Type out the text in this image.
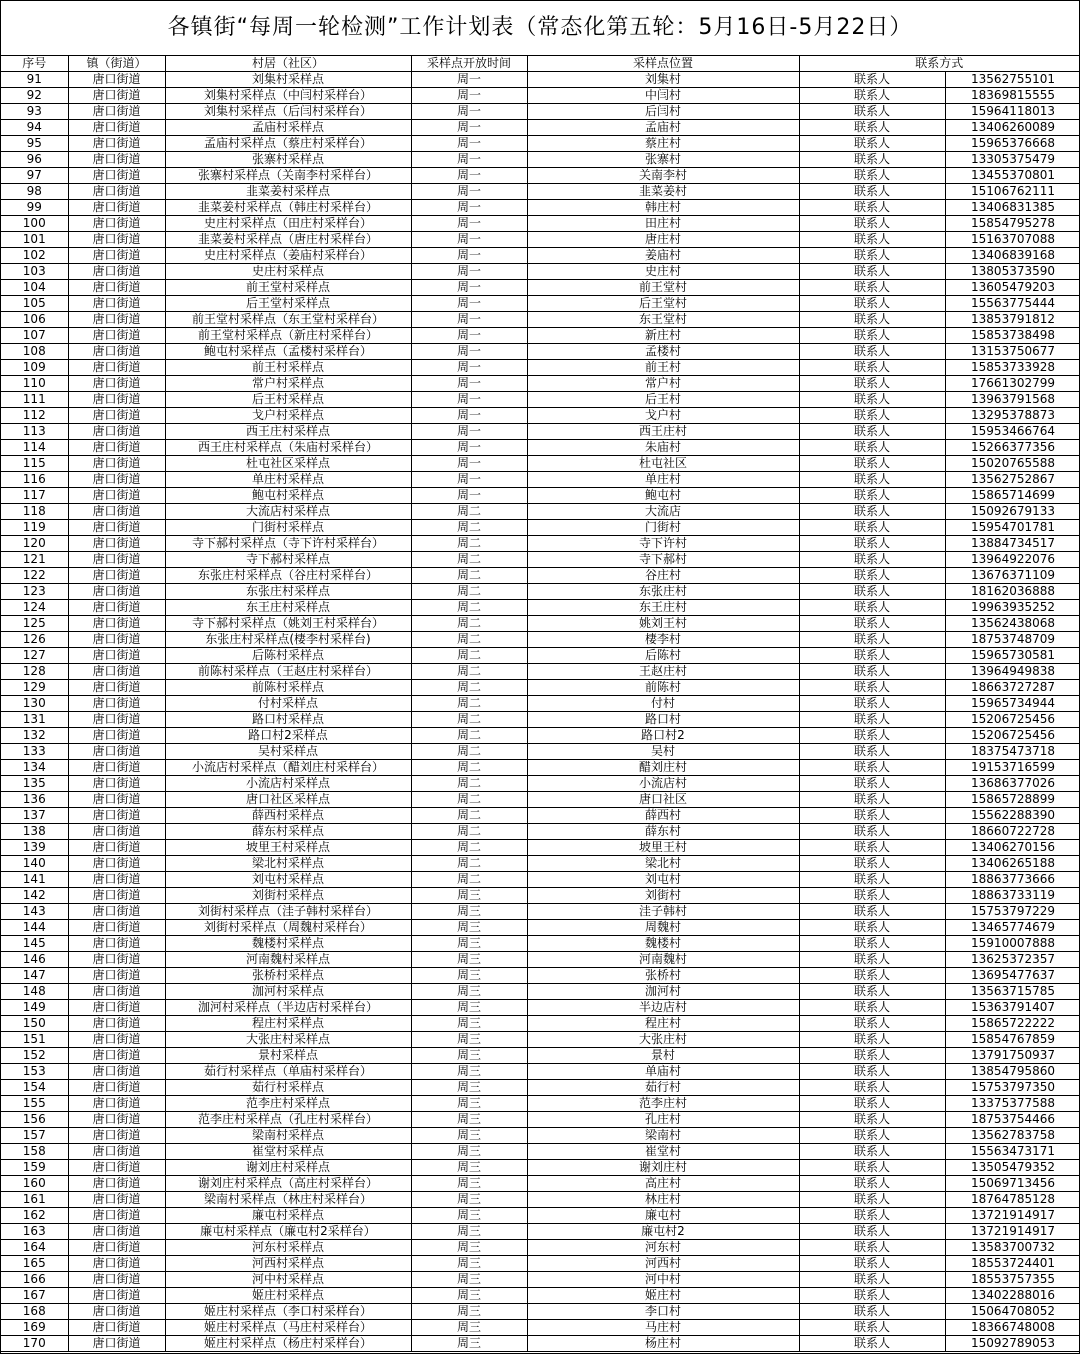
各镇街“每周一轮检测”工作计划表（常态化第五轮：5月16日-5月22日）
序号	镇（街道）	村居（社区）	采样点开放时间	采样点位置	联系方式	
91	唐口街道	刘集村采样点	周一	刘集村	联系人	13562755101
92	唐口街道	刘集村采样点（中闫村采样台）	周一	中闫村	联系人	18369815555
93	唐口街道	刘集村采样点（后闫村采样台）	周一	后闫村	联系人	15964118013
94	唐口街道	孟庙村采样点	周一	孟庙村	联系人	13406260089
95	唐口街道	孟庙村采样点（蔡庄村采样台）	周一	蔡庄村	联系人	15965376668
96	唐口街道	张寨村采样点	周一	张寨村	联系人	13305375479
97	唐口街道	张寨村采样点（关南李村采样台）	周一	关南李村	联系人	13455370801
98	唐口街道	韭菜姜村采样点	周一	韭菜姜村	联系人	15106762111
99	唐口街道	韭菜姜村采样点（韩庄村采样台）	周一	韩庄村	联系人	13406831385
100	唐口街道	史庄村采样点（田庄村采样台）	周一	田庄村	联系人	15854795278
101	唐口街道	韭菜姜村采样点（唐庄村采样台）	周一	唐庄村	联系人	15163707088
102	唐口街道	史庄村采样点（姜庙村采样台）	周一	姜庙村	联系人	13406839168
103	唐口街道	史庄村采样点	周一	史庄村	联系人	13805373590
104	唐口街道	前王堂村采样点	周一	前王堂村	联系人	13605479203
105	唐口街道	后王堂村采样点	周一	后王堂村	联系人	15563775444
106	唐口街道	前王堂村采样点（东王堂村采样台）	周一	东王堂村	联系人	13853791812
107	唐口街道	前王堂村采样点（新庄村采样台）	周一	新庄村	联系人	15853738498
108	唐口街道	鲍屯村采样点（孟楼村采样台）	周一	孟楼村	联系人	13153750677
109	唐口街道	前王村采样点	周一	前王村	联系人	15853733928
110	唐口街道	常户村采样点	周一	常户村	联系人	17661302799
111	唐口街道	后王村采样点	周一	后王村	联系人	13963791568
112	唐口街道	戈户村采样点	周一	戈户村	联系人	13295378873
113	唐口街道	西王庄村采样点	周一	西王庄村	联系人	15953466764
114	唐口街道	西王庄村采样点（朱庙村采样台）	周一	朱庙村	联系人	15266377356
115	唐口街道	杜屯社区采样点	周一	杜屯社区	联系人	15020765588
116	唐口街道	单庄村采样点	周一	单庄村	联系人	13562752867
117	唐口街道	鲍屯村采样点	周一	鲍屯村	联系人	15865714699
118	唐口街道	大流店村采样点	周二	大流店	联系人	15092679133
119	唐口街道	门街村采样点	周二	门街村	联系人	15954701781
120	唐口街道	寺下郝村采样点（寺下许村采样台）	周二	寺下许村	联系人	13884734517
121	唐口街道	寺下郝村采样点	周二	寺下郝村	联系人	13964922076
122	唐口街道	东张庄村采样点（谷庄村采样台）	周二	谷庄村	联系人	13676371109
123	唐口街道	东张庄村采样点	周二	东张庄村	联系人	18162036888
124	唐口街道	东王庄村采样点	周二	东王庄村	联系人	19963935252
125	唐口街道	寺下郝村采样点（姚刘王村采样台）	周二	姚刘王村	联系人	13562438068
126	唐口街道	东张庄村采样点(棲李村采样台)	周二	棲李村	联系人	18753748709
127	唐口街道	后陈村采样点	周二	后陈村	联系人	15965730581
128	唐口街道	前陈村采样点（王赵庄村采样台）	周二	王赵庄村	联系人	13964949838
129	唐口街道	前陈村采样点	周二	前陈村	联系人	18663727287
130	唐口街道	付村采样点	周二	付村	联系人	15965734944
131	唐口街道	路口村采样点	周二	路口村	联系人	15206725456
132	唐口街道	路口村2采样点	周二	路口村2	联系人	15206725456
133	唐口街道	吴村采样点	周二	吴村	联系人	18375473718
134	唐口街道	小流店村采样点（醋刘庄村采样台）	周二	醋刘庄村	联系人	19153716599
135	唐口街道	小流店村采样点	周二	小流店村	联系人	13686377026
136	唐口街道	唐口社区采样点	周二	唐口社区	联系人	15865728899
137	唐口街道	薛西村采样点	周二	薛西村	联系人	15562288390
138	唐口街道	薛东村采样点	周二	薛东村	联系人	18660722728
139	唐口街道	坡里王村采样点	周二	坡里王村	联系人	13406270156
140	唐口街道	梁北村采样点	周二	梁北村	联系人	13406265188
141	唐口街道	刘屯村采样点	周二	刘屯村	联系人	18863773666
142	唐口街道	刘街村采样点	周三	刘街村	联系人	18863733119
143	唐口街道	刘街村采样点（洼子韩村采样台）	周三	洼子韩村	联系人	15753797229
144	唐口街道	刘街村采样点（周魏村采样台）	周三	周魏村	联系人	13465774679
145	唐口街道	魏楼村采样点	周三	魏楼村	联系人	15910007888
146	唐口街道	河南魏村采样点	周三	河南魏村	联系人	13625372357
147	唐口街道	张桥村采样点	周三	张桥村	联系人	13695477637
148	唐口街道	泇河村采样点	周三	泇河村	联系人	13563715785
149	唐口街道	泇河村采样点（半边店村采样台）	周三	半边店村	联系人	15363791407
150	唐口街道	程庄村采样点	周三	程庄村	联系人	15865722222
151	唐口街道	大张庄村采样点	周三	大张庄村	联系人	15854767859
152	唐口街道	景村采样点	周三	景村	联系人	13791750937
153	唐口街道	茹行村采样点（单庙村采样台）	周三	单庙村	联系人	13854795860
154	唐口街道	茹行村采样点	周三	茹行村	联系人	15753797350
155	唐口街道	范李庄村采样点	周三	范李庄村	联系人	13375377588
156	唐口街道	范李庄村采样点（孔庄村采样台）	周三	孔庄村	联系人	18753754466
157	唐口街道	梁南村采样点	周三	梁南村	联系人	13562783758
158	唐口街道	崔堂村采样点	周三	崔堂村	联系人	15563473171
159	唐口街道	谢刘庄村采样点	周三	谢刘庄村	联系人	13505479352
160	唐口街道	谢刘庄村采样点（高庄村采样台）	周三	高庄村	联系人	15069713456
161	唐口街道	梁南村采样点（林庄村采样台）	周三	林庄村	联系人	18764785128
162	唐口街道	廉屯村采样点	周三	廉屯村	联系人	13721914917
163	唐口街道	廉屯村采样点（廉屯村2采样台）	周三	廉屯村2	联系人	13721914917
164	唐口街道	河东村采样点	周三	河东村	联系人	13583700732
165	唐口街道	河西村采样点	周三	河西村	联系人	18553724401
166	唐口街道	河中村采样点	周三	河中村	联系人	18553757355
167	唐口街道	姬庄村采样点	周三	姬庄村	联系人	13402288016
168	唐口街道	姬庄村采样点（李口村采样台）	周三	李口村	联系人	15064708052
169	唐口街道	姬庄村采样点（马庄村采样台）	周三	马庄村	联系人	18366748008
170	唐口街道	姬庄村采样点（杨庄村采样台）	周三	杨庄村	联系人	15092789053
